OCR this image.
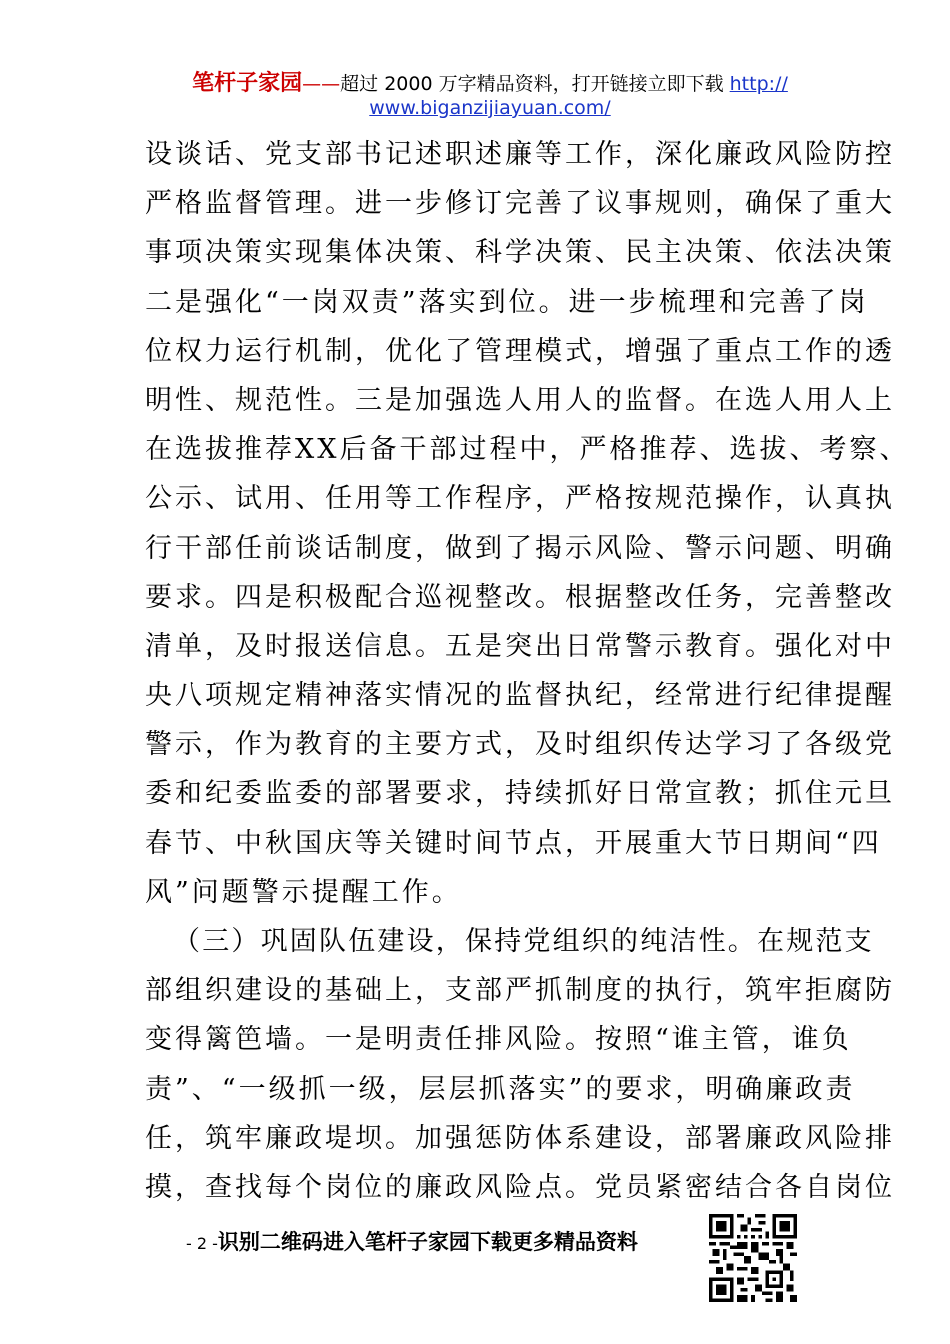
笔杆子家园——超过 2000 万字精品资料，打开链接立即下载 http://
www.biganzijiayuan.com/
设谈话、党支部书记述职述廉等工作，深化廉政风险防控
严格监督管理。进一步修订完善了议事规则，确保了重大
事项决策实现集体决策、科学决策、民主决策、依法决策
二是强化“一岗双责”落实到位。进一步梳理和完善了岗
位权力运行机制，优化了管理模式，增强了重点工作的透
明性、规范性。三是加强选人用人的监督。在选人用人上
在选拔推荐XX后备干部过程中，严格推荐、选拔、考察、
公示、试用、任用等工作程序，严格按规范操作，认真执
行干部任前谈话制度，做到了揭示风险、警示问题、明确
要求。四是积极配合巡视整改。根据整改任务，完善整改
清单，及时报送信息。五是突出日常警示教育。强化对中
央八项规定精神落实情况的监督执纪，经常进行纪律提醒
警示，作为教育的主要方式，及时组织传达学习了各级党
委和纪委监委的部署要求，持续抓好日常宣教；抓住元旦
春节、中秋国庆等关键时间节点，开展重大节日期间“四
风”问题警示提醒工作。
（三）巩固队伍建设，保持党组织的纯洁性。在规范支
部组织建设的基础上，支部严抓制度的执行，筑牢拒腐防
变得篱笆墙。一是明责任排风险。按照“谁主管，谁负
责”、“一级抓一级，层层抓落实”的要求，明确廉政责
任，筑牢廉政堤坝。加强惩防体系建设，部署廉政风险排
摸，查找每个岗位的廉政风险点。党员紧密结合各自岗位
- 2 -识别二维码进入笔杆子家园下载更多精品资料
